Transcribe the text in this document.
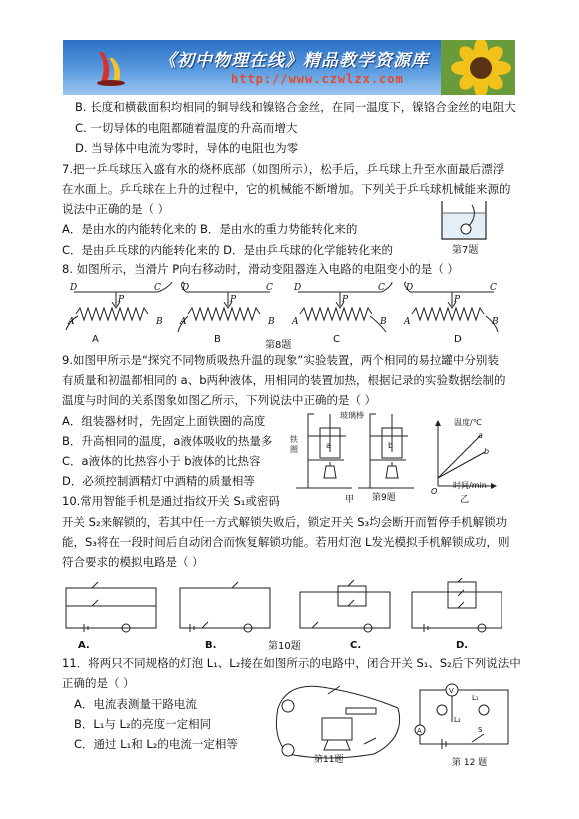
《初中物理在线》精品教学资源库
http://www.czwlzx.com
B. 长度和横截面积均相同的铜导线和镍铬合金丝，在同一温度下，镍铬合金丝的电阻大
C. 一切导体的电阻都随着温度的升高而增大
D. 当导体中电流为零时，导体的电阻也为零
7.把一乒乓球压入盛有水的烧杯底部（如图所示），松手后，乒乓球上升至水面最后漂浮
在水面上。乒乓球在上升的过程中，它的机械能不断增加。下列关于乒乓球机械能来源的
说法中正确的是（ ）
A．是由水的内能转化来的 B．是由水的重力势能转化来的
C．是由乒乓球的内能转化来的 D．是由乒乓球的化学能转化来的
8. 如图所示，当滑片 P向右移动时，滑动变阻器连入电路的电阻变小的是（ ）
第7题
D	C
A	B
P
D	C
A	B
P
D	C
A	B
P
D	C
A	B
P
A	B	C	D
第8题
9.如图甲所示是“探究不同物质吸热升温的现象”实验装置，两个相同的易拉罐中分别装
有质量和初温都相同的 a、b两种液体，用相同的装置加热，根据记录的实验数据绘制的
温度与时间的关系图象如图乙所示，下列说法中正确的是（ ）
A．组装器材时，先固定上面铁圈的高度
B．升高相同的温度，a液体吸收的热量多
C．a液体的比热容小于 b液体的比热容
D．必须控制酒精灯中酒精的质量相等
a
b
O
铁
圈	a	b
玻璃棒
温度/℃
时间/min
甲 第9题	乙
10.常用智能手机是通过指纹开关 S₁或密码
开关 S₂来解锁的，若其中任一方式解锁失败后，锁定开关 S₃均会断开而暂停手机解锁功
能，S₃将在一段时间后自动闭合而恢复解锁功能。若用灯泡 L发光模拟手机解锁成功，则
符合要求的模拟电路是（ ）
A.	B.	C.	D.
第10题
11．将两只不同规格的灯泡 L₁、L₂接在如图所示的电路中，闭合开关 S₁、S₂后下列说法中
正确的是（ ）
A．电流表测量干路电流
B．L₁与 L₂的亮度一定相同
C．通过 L₁和 L₂的电流一定相等
第11题
V
A
L₁
L₂
S
第 12 题
